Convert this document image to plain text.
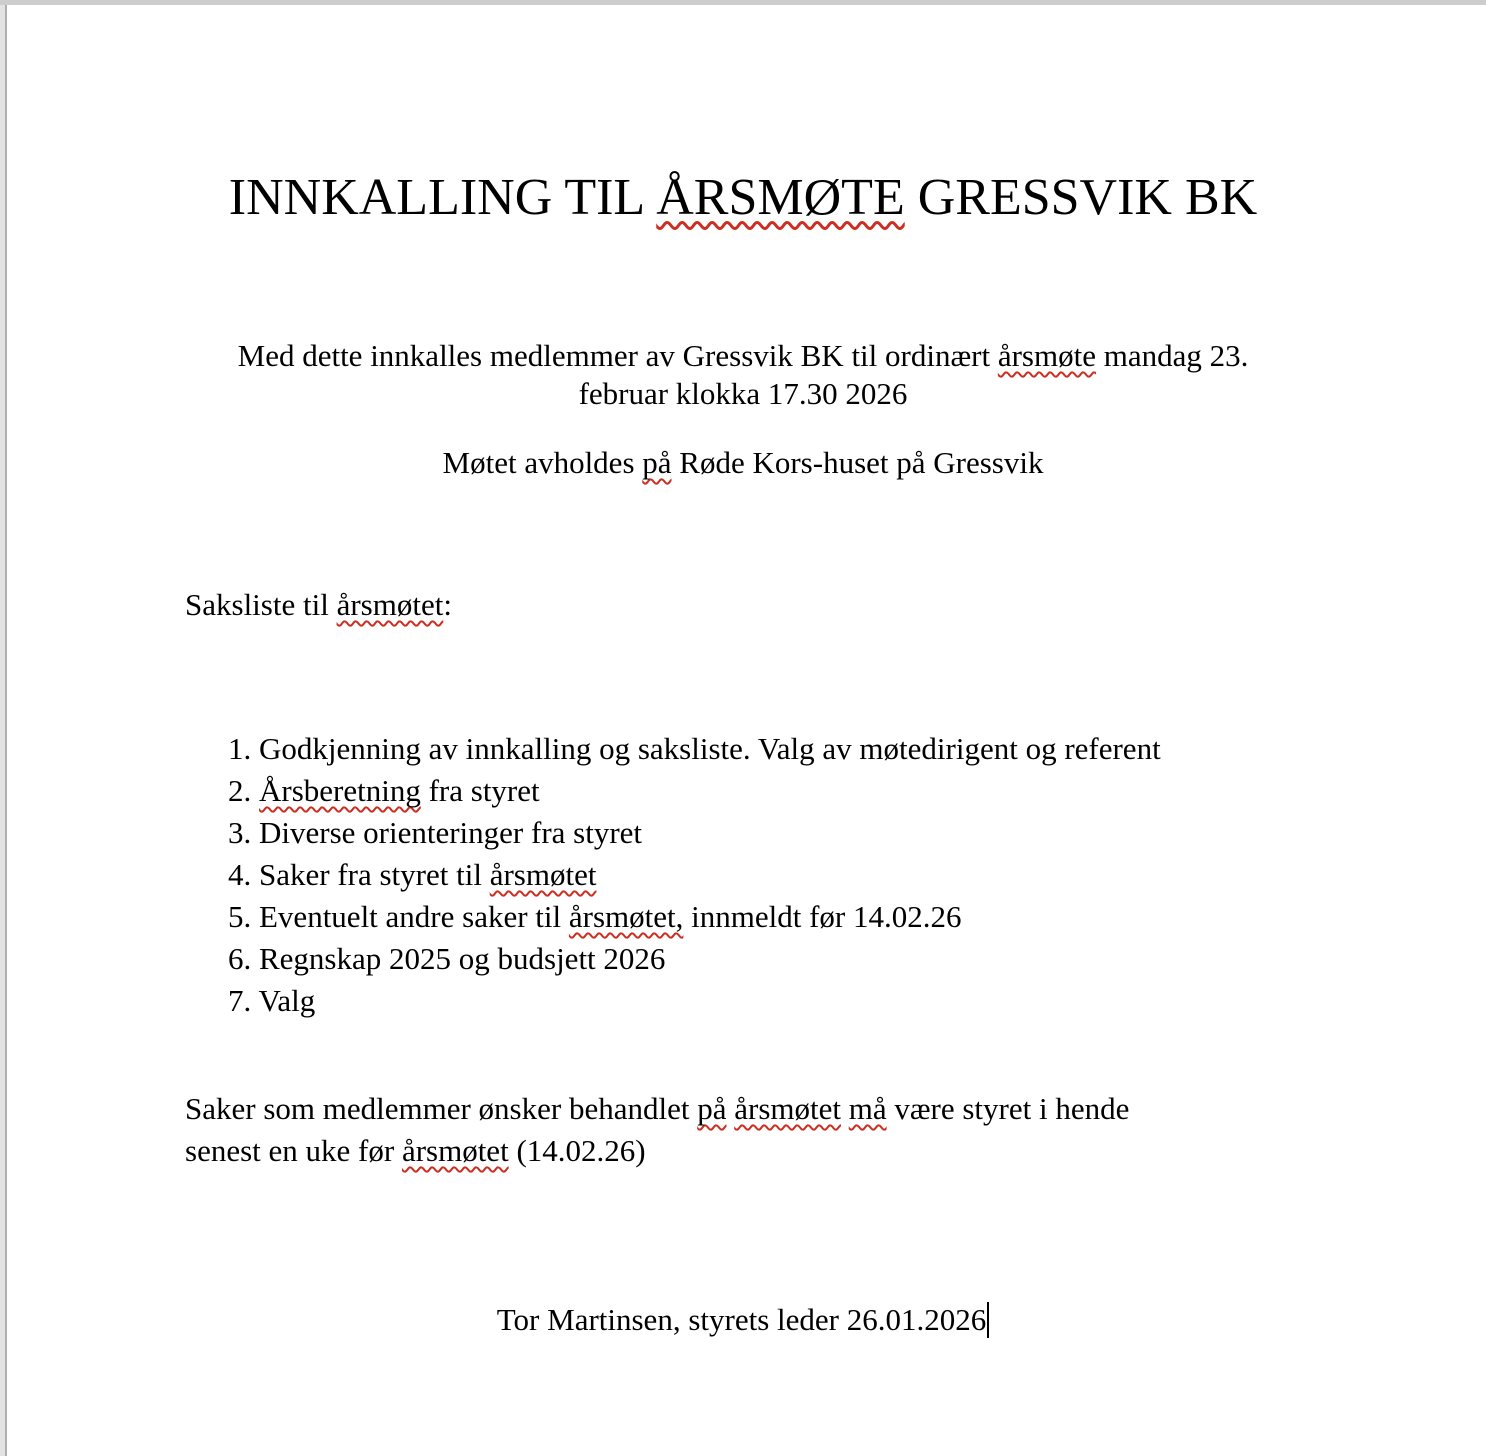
INNKALLING TIL ÅRSMØTE GRESSVIK BK
Med dette innkalles medlemmer av Gressvik BK til ordinært årsmøte mandag 23.
februar klokka 17.30 2026
Møtet avholdes på Røde Kors-huset på Gressvik
Saksliste til årsmøtet:
1. Godkjenning av innkalling og saksliste. Valg av møtedirigent og referent
2. Årsberetning fra styret
3. Diverse orienteringer fra styret
4. Saker fra styret til årsmøtet
5. Eventuelt andre saker til årsmøtet, innmeldt før 14.02.26
6. Regnskap 2025 og budsjett 2026
7. Valg
Saker som medlemmer ønsker behandlet på årsmøtet må være styret i hende
senest en uke før årsmøtet (14.02.26)
Tor Martinsen, styrets leder 26.01.2026
